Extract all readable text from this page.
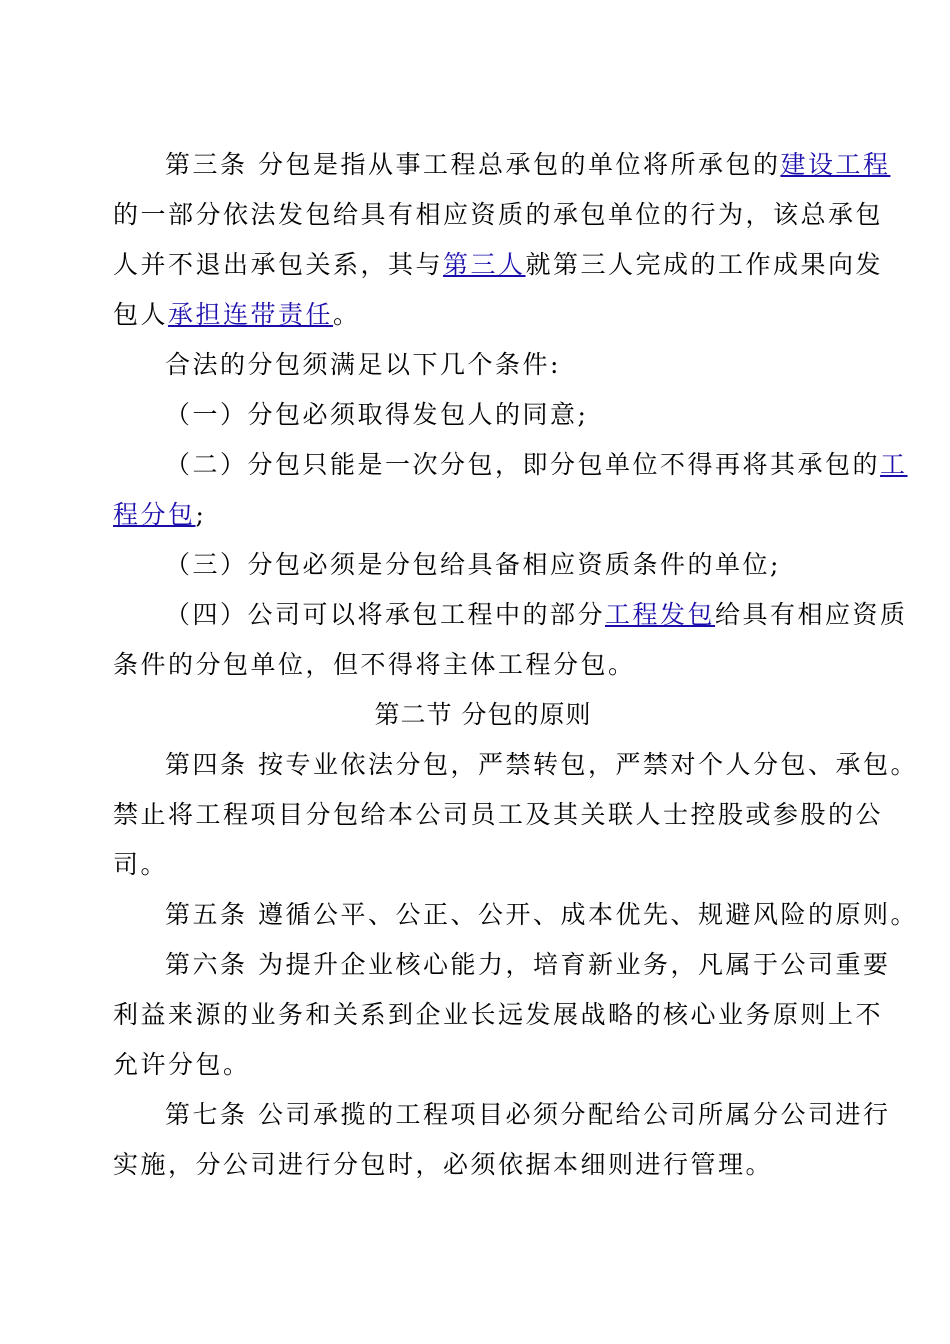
第三条 分包是指从事工程总承包的单位将所承包的建设工程
的一部分依法发包给具有相应资质的承包单位的行为，该总承包
人并不退出承包关系，其与第三人就第三人完成的工作成果向发
包人承担连带责任。
合法的分包须满足以下几个条件:
（一）分包必须取得发包人的同意;
（二）分包只能是一次分包，即分包单位不得再将其承包的工
程分包;
（三）分包必须是分包给具备相应资质条件的单位;
（四）公司可以将承包工程中的部分工程发包给具有相应资质
条件的分包单位，但不得将主体工程分包。
第二节 分包的原则
第四条 按专业依法分包，严禁转包，严禁对个人分包、承包。
禁止将工程项目分包给本公司员工及其关联人士控股或参股的公
司。
第五条 遵循公平、公正、公开、成本优先、规避风险的原则。
第六条 为提升企业核心能力，培育新业务，凡属于公司重要
利益来源的业务和关系到企业长远发展战略的核心业务原则上不
允许分包。
第七条 公司承揽的工程项目必须分配给公司所属分公司进行
实施，分公司进行分包时，必须依据本细则进行管理。
